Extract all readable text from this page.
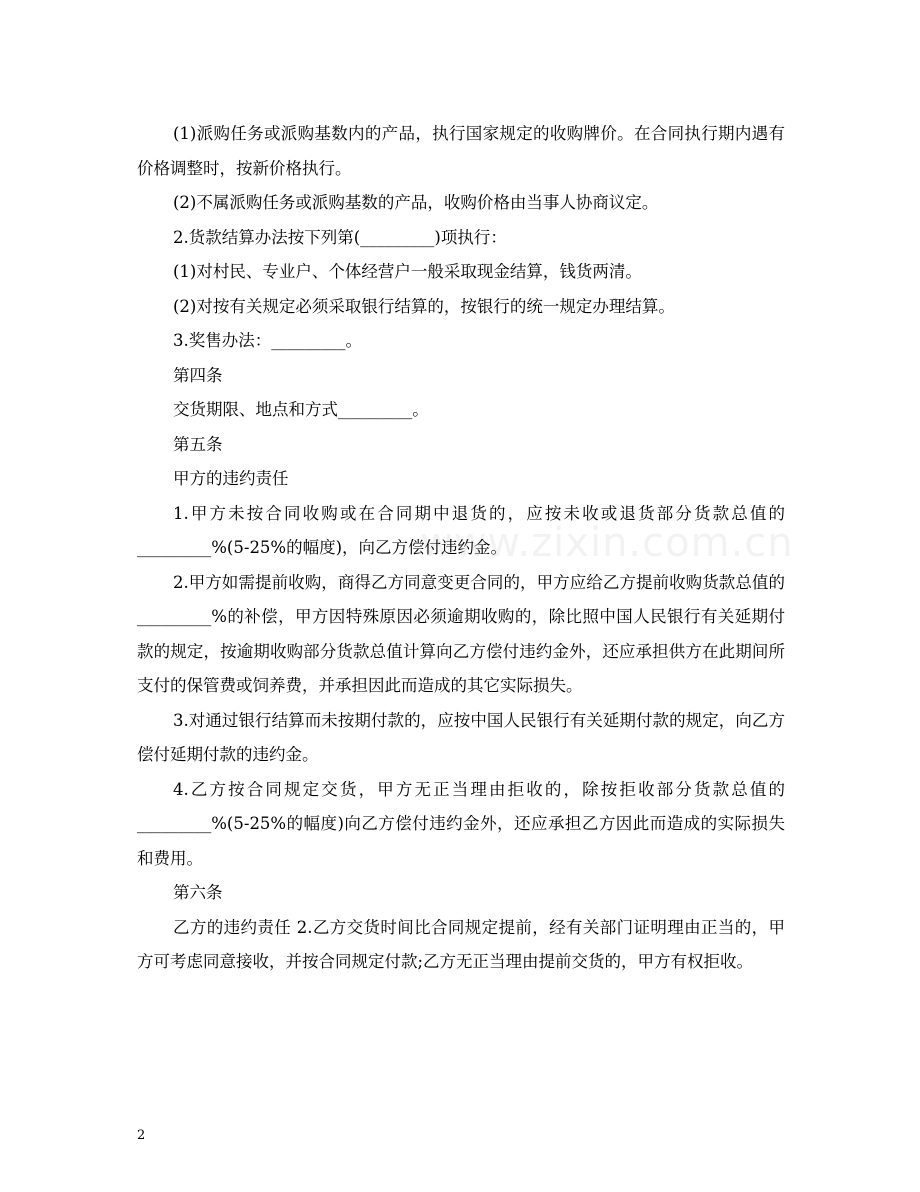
(1)派购任务或派购基数内的产品，执行国家规定的收购牌价。在合同执行期内遇有价格调整时，按新价格执行。

(2)不属派购任务或派购基数的产品，收购价格由当事人协商议定。

2.货款结算办法按下列第(_________)项执行：

(1)对村民、专业户、个体经营户一般采取现金结算，钱货两清。

(2)对按有关规定必须采取银行结算的，按银行的统一规定办理结算。

3.奖售办法：_________。

第四条

交货期限、地点和方式_________。

第五条

甲方的违约责任

1.甲方未按合同收购或在合同期中退货的，应按未收或退货部分货款总值的_________%(5-25%的幅度)，向乙方偿付违约金。

2.甲方如需提前收购，商得乙方同意变更合同的，甲方应给乙方提前收购货款总值的_________%的补偿，甲方因特殊原因必须逾期收购的，除比照中国人民银行有关延期付款的规定，按逾期收购部分货款总值计算向乙方偿付违约金外，还应承担供方在此期间所支付的保管费或饲养费，并承担因此而造成的其它实际损失。

3.对通过银行结算而未按期付款的，应按中国人民银行有关延期付款的规定，向乙方偿付延期付款的违约金。

4.乙方按合同规定交货，甲方无正当理由拒收的，除按拒收部分货款总值的_________%(5-25%的幅度)向乙方偿付违约金外，还应承担乙方因此而造成的实际损失和费用。

第六条

乙方的违约责任 2.乙方交货时间比合同规定提前，经有关部门证明理由正当的，甲方可考虑同意接收，并按合同规定付款;乙方无正当理由提前交货的，甲方有权拒收。

www.zixin.com.cn
2
